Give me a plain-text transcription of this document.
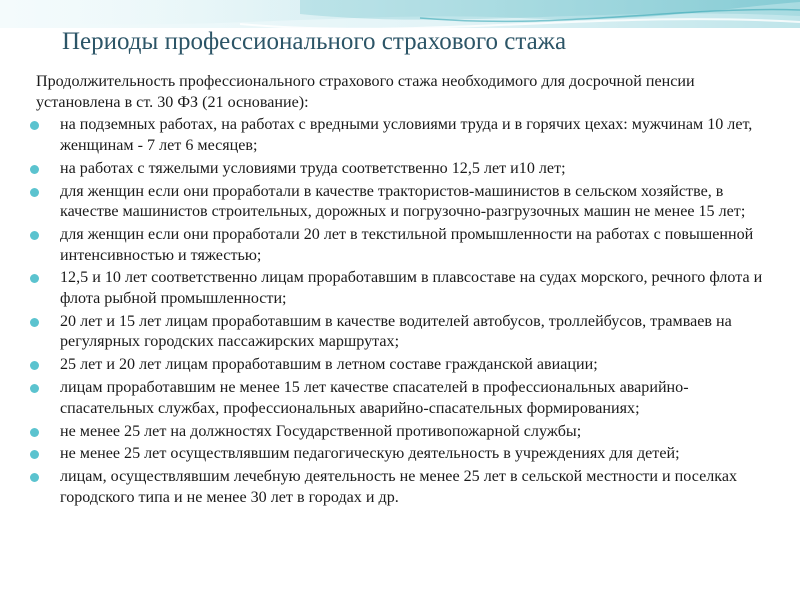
Периоды профессионального страхового стажа

Продолжительность профессионального страхового стажа необходимого для досрочной пенсии установлена в ст. 30 ФЗ (21 основание):

на подземных работах, на работах с вредными условиями труда и в горячих цехах: мужчинам 10 лет, женщинам - 7 лет 6 месяцев;
на работах с тяжелыми условиями труда соответственно 12,5 лет и10 лет;
для женщин если они проработали в качестве трактористов-машинистов в сельском хозяйстве, в качестве машинистов строительных, дорожных и погрузочно-разгрузочных машин не менее 15 лет;
для женщин если они проработали 20 лет в текстильной промышленности на работах с повышенной интенсивностью и тяжестью;
12,5 и 10 лет соответственно лицам проработавшим в плавсоставе на судах морского, речного флота и флота рыбной промышленности;
20 лет и 15 лет лицам проработавшим в качестве водителей автобусов, троллейбусов, трамваев на регулярных городских пассажирских маршрутах;
25 лет и 20 лет лицам проработавшим в летном составе гражданской авиации;
лицам проработавшим не менее 15 лет качестве спасателей в профессиональных аварийно-спасательных службах, профессиональных аварийно-спасательных формированиях;
не менее 25 лет на должностях Государственной противопожарной службы;
не менее 25 лет осуществлявшим педагогическую деятельность в учреждениях для детей;
лицам, осуществлявшим лечебную деятельность не менее 25 лет в сельской местности и поселках городского типа и не менее 30 лет в городах и др.
